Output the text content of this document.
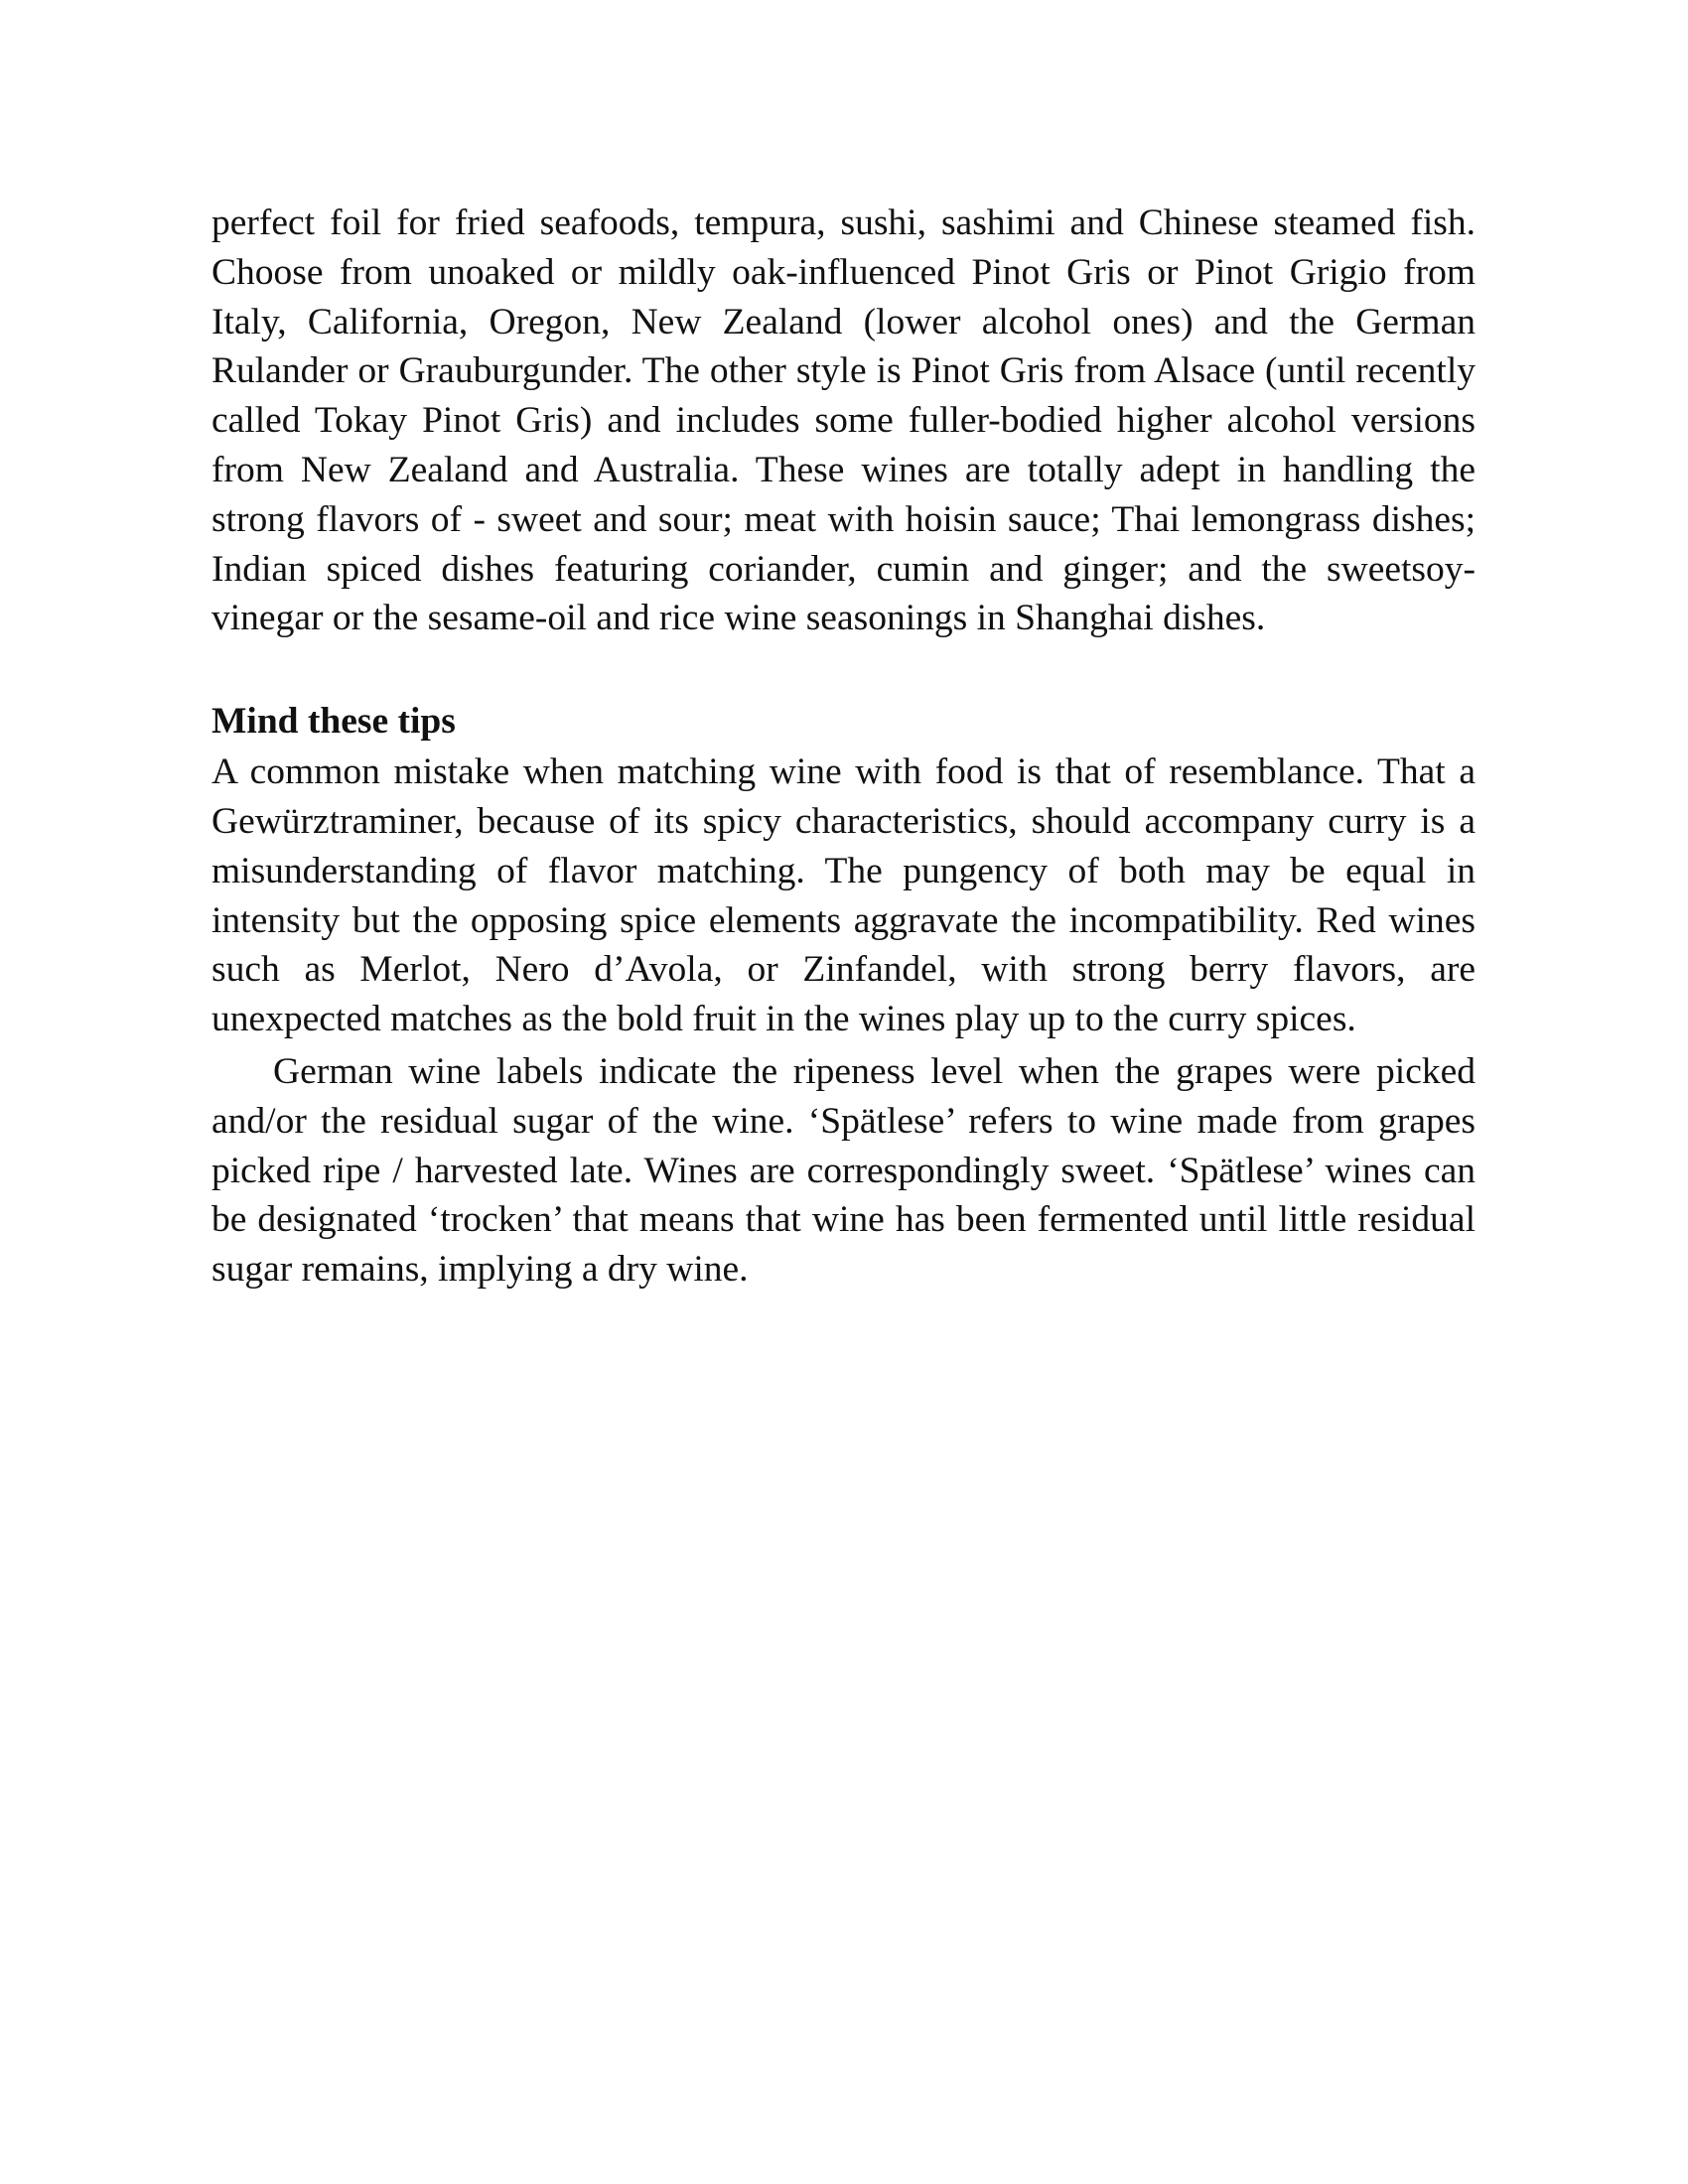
perfect foil for fried seafoods, tempura, sushi, sashimi and Chinese steamed fish. Choose from unoaked or mildly oak-influenced Pinot Gris or Pinot Grigio from Italy, California, Oregon, New Zealand (lower alcohol ones) and the German Rulander or Grauburgunder. The other style is Pinot Gris from Alsace (until recently called Tokay Pinot Gris) and includes some fuller-bodied higher alcohol versions from New Zealand and Australia. These wines are totally adept in handling the strong flavors of - sweet and sour; meat with hoisin sauce; Thai lemongrass dishes; Indian spiced dishes featuring coriander, cumin and ginger; and the sweetsoy- vinegar or the sesame-oil and rice wine seasonings in Shanghai dishes.

Mind these tips

A common mistake when matching wine with food is that of resemblance. That a Gewürztraminer, because of its spicy characteristics, should accompany curry is a misunderstanding of flavor matching. The pungency of both may be equal in intensity but the opposing spice elements aggravate the incompatibility. Red wines such as Merlot, Nero d’Avola, or Zinfandel, with strong berry flavors, are unexpected matches as the bold fruit in the wines play up to the curry spices.

German wine labels indicate the ripeness level when the grapes were picked and/or the residual sugar of the wine. ‘Spätlese’ refers to wine made from grapes picked ripe / harvested late. Wines are correspondingly sweet. ‘Spätlese’ wines can be designated ‘trocken’ that means that wine has been fermented until little residual sugar remains, implying a dry wine.
